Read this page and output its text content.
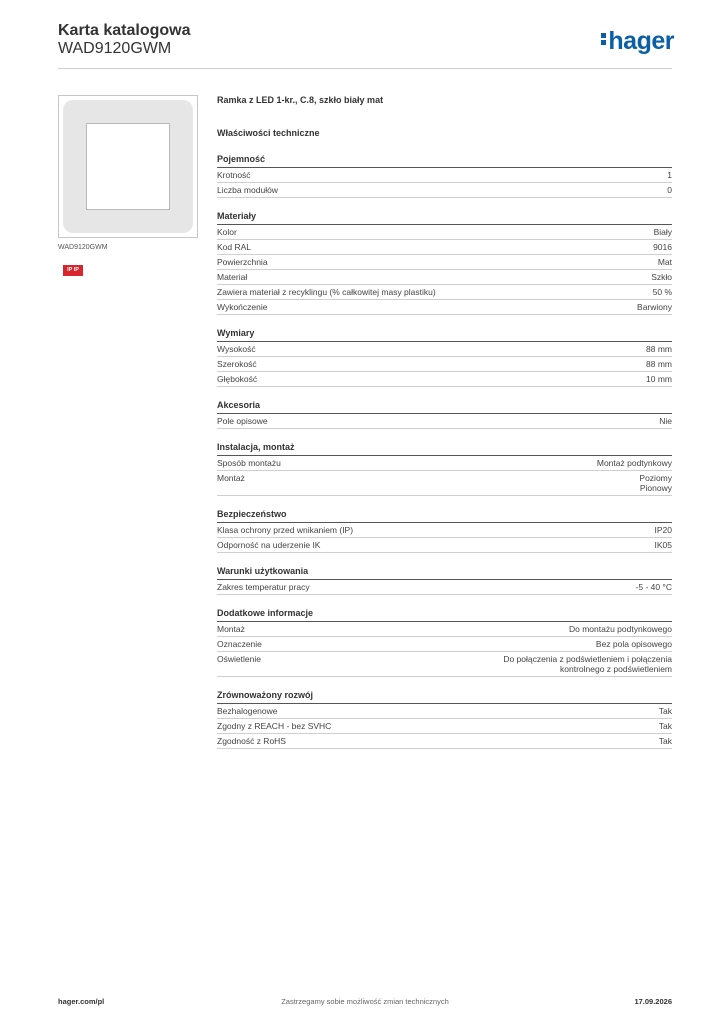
Karta katalogowa
WAD9120GWM	hager
WAD9120GWM
IP IP
Ramka z LED 1-kr., C.8, szkło biały mat
Właściwości techniczne
Pojemność
Krotność	1
Liczba modułów	0
Materiały
Kolor	Biały
Kod RAL	9016
Powierzchnia	Mat
Materiał	Szkło
Zawiera materiał z recyklingu (% całkowitej masy plastiku)	50 %
Wykończenie	Barwiony
Wymiary
Wysokość	88 mm
Szerokość	88 mm
Głębokość	10 mm
Akcesoria
Pole opisowe	Nie
Instalacja, montaż
Sposób montażu	Montaż podtynkowy
Montaż	Poziomy
Pionowy
Bezpieczeństwo
Klasa ochrony przed wnikaniem (IP)	IP20
Odporność na uderzenie IK	IK05
Warunki użytkowania
Zakres temperatur pracy	-5 - 40 °C
Dodatkowe informacje
Montaż	Do montażu podtynkowego
Oznaczenie	Bez pola opisowego
Oświetlenie	Do połączenia z podświetleniem i połączenia
kontrolnego z podświetleniem
Zrównoważony rozwój
Bezhalogenowe	Tak
Zgodny z REACH - bez SVHC	Tak
Zgodność z RoHS	Tak
hager.com/pl	Zastrzegamy sobie możliwość zmian technicznych	17.09.2026
